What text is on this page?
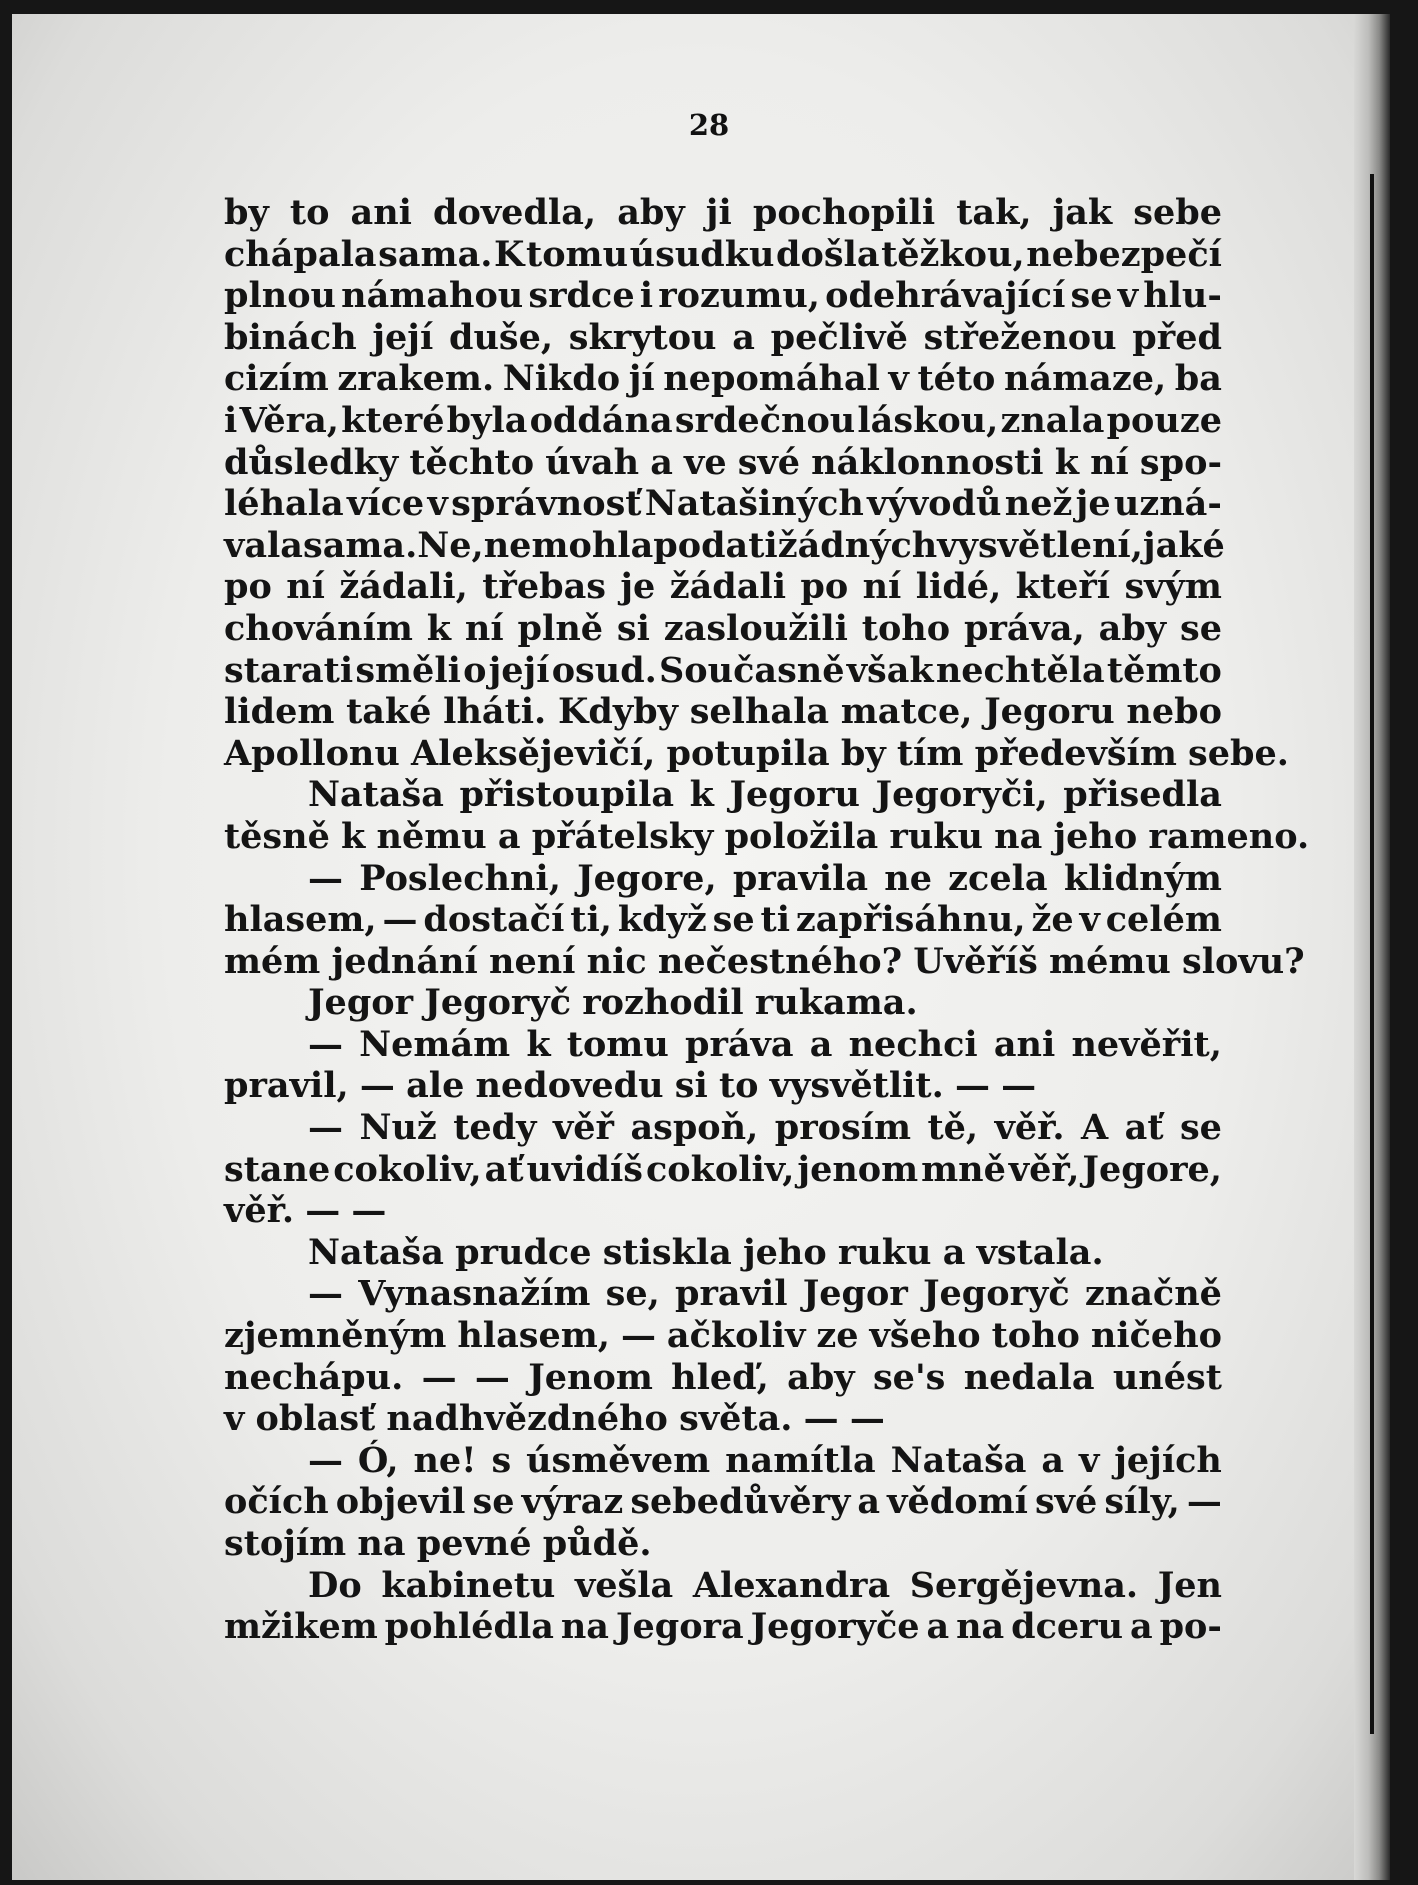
28
by to ani dovedla, aby ji pochopili tak, jak sebe
chápala sama. K tomu úsudku došla těžkou, nebezpečí
plnou námahou srdce i rozumu, odehrávající se v hlu-
binách její duše, skrytou a pečlivě střeženou před
cizím zrakem. Nikdo jí nepomáhal v této námaze, ba
i Věra, které byla oddána srdečnou láskou, znala pouze
důsledky těchto úvah a ve své náklonnosti k ní spo-
léhala více v správnosť Natašiných vývodů než je uzná-
vala sama. Ne, nemohla podati žádných vysvětlení, jaké
po ní žádali, třebas je žádali po ní lidé, kteří svým
chováním k ní plně si zasloužili toho práva, aby se
starati směli o její osud. Současně však nechtěla těmto
lidem také lháti. Kdyby selhala matce, Jegoru nebo
Apollonu Aleksějevičí, potupila by tím především sebe.
Nataša přistoupila k Jegoru Jegoryči, přisedla
těsně k němu a přátelsky položila ruku na jeho rameno.
— Poslechni, Jegore, pravila ne zcela klidným
hlasem, — dostačí ti, když se ti zapřisáhnu, že v celém
mém jednání není nic nečestného? Uvěříš mému slovu?
Jegor Jegoryč rozhodil rukama.
— Nemám k tomu práva a nechci ani nevěřit,
pravil, — ale nedovedu si to vysvětlit. — —
— Nuž tedy věř aspoň, prosím tě, věř. A ať se
stane cokoliv, ať uvidíš cokoliv, jenom mně věř, Jegore,
věř. — —
Nataša prudce stiskla jeho ruku a vstala.
— Vynasnažím se, pravil Jegor Jegoryč značně
zjemněným hlasem, — ačkoliv ze všeho toho ničeho
nechápu. — — Jenom hleď, aby se's nedala unést
v oblasť nadhvězdného světa. — —
— Ó, ne! s úsměvem namítla Nataša a v jejích
očích objevil se výraz sebedůvěry a vědomí své síly, —
stojím na pevné půdě.
Do kabinetu vešla Alexandra Sergějevna. Jen
mžikem pohlédla na Jegora Jegoryče a na dceru a po-
